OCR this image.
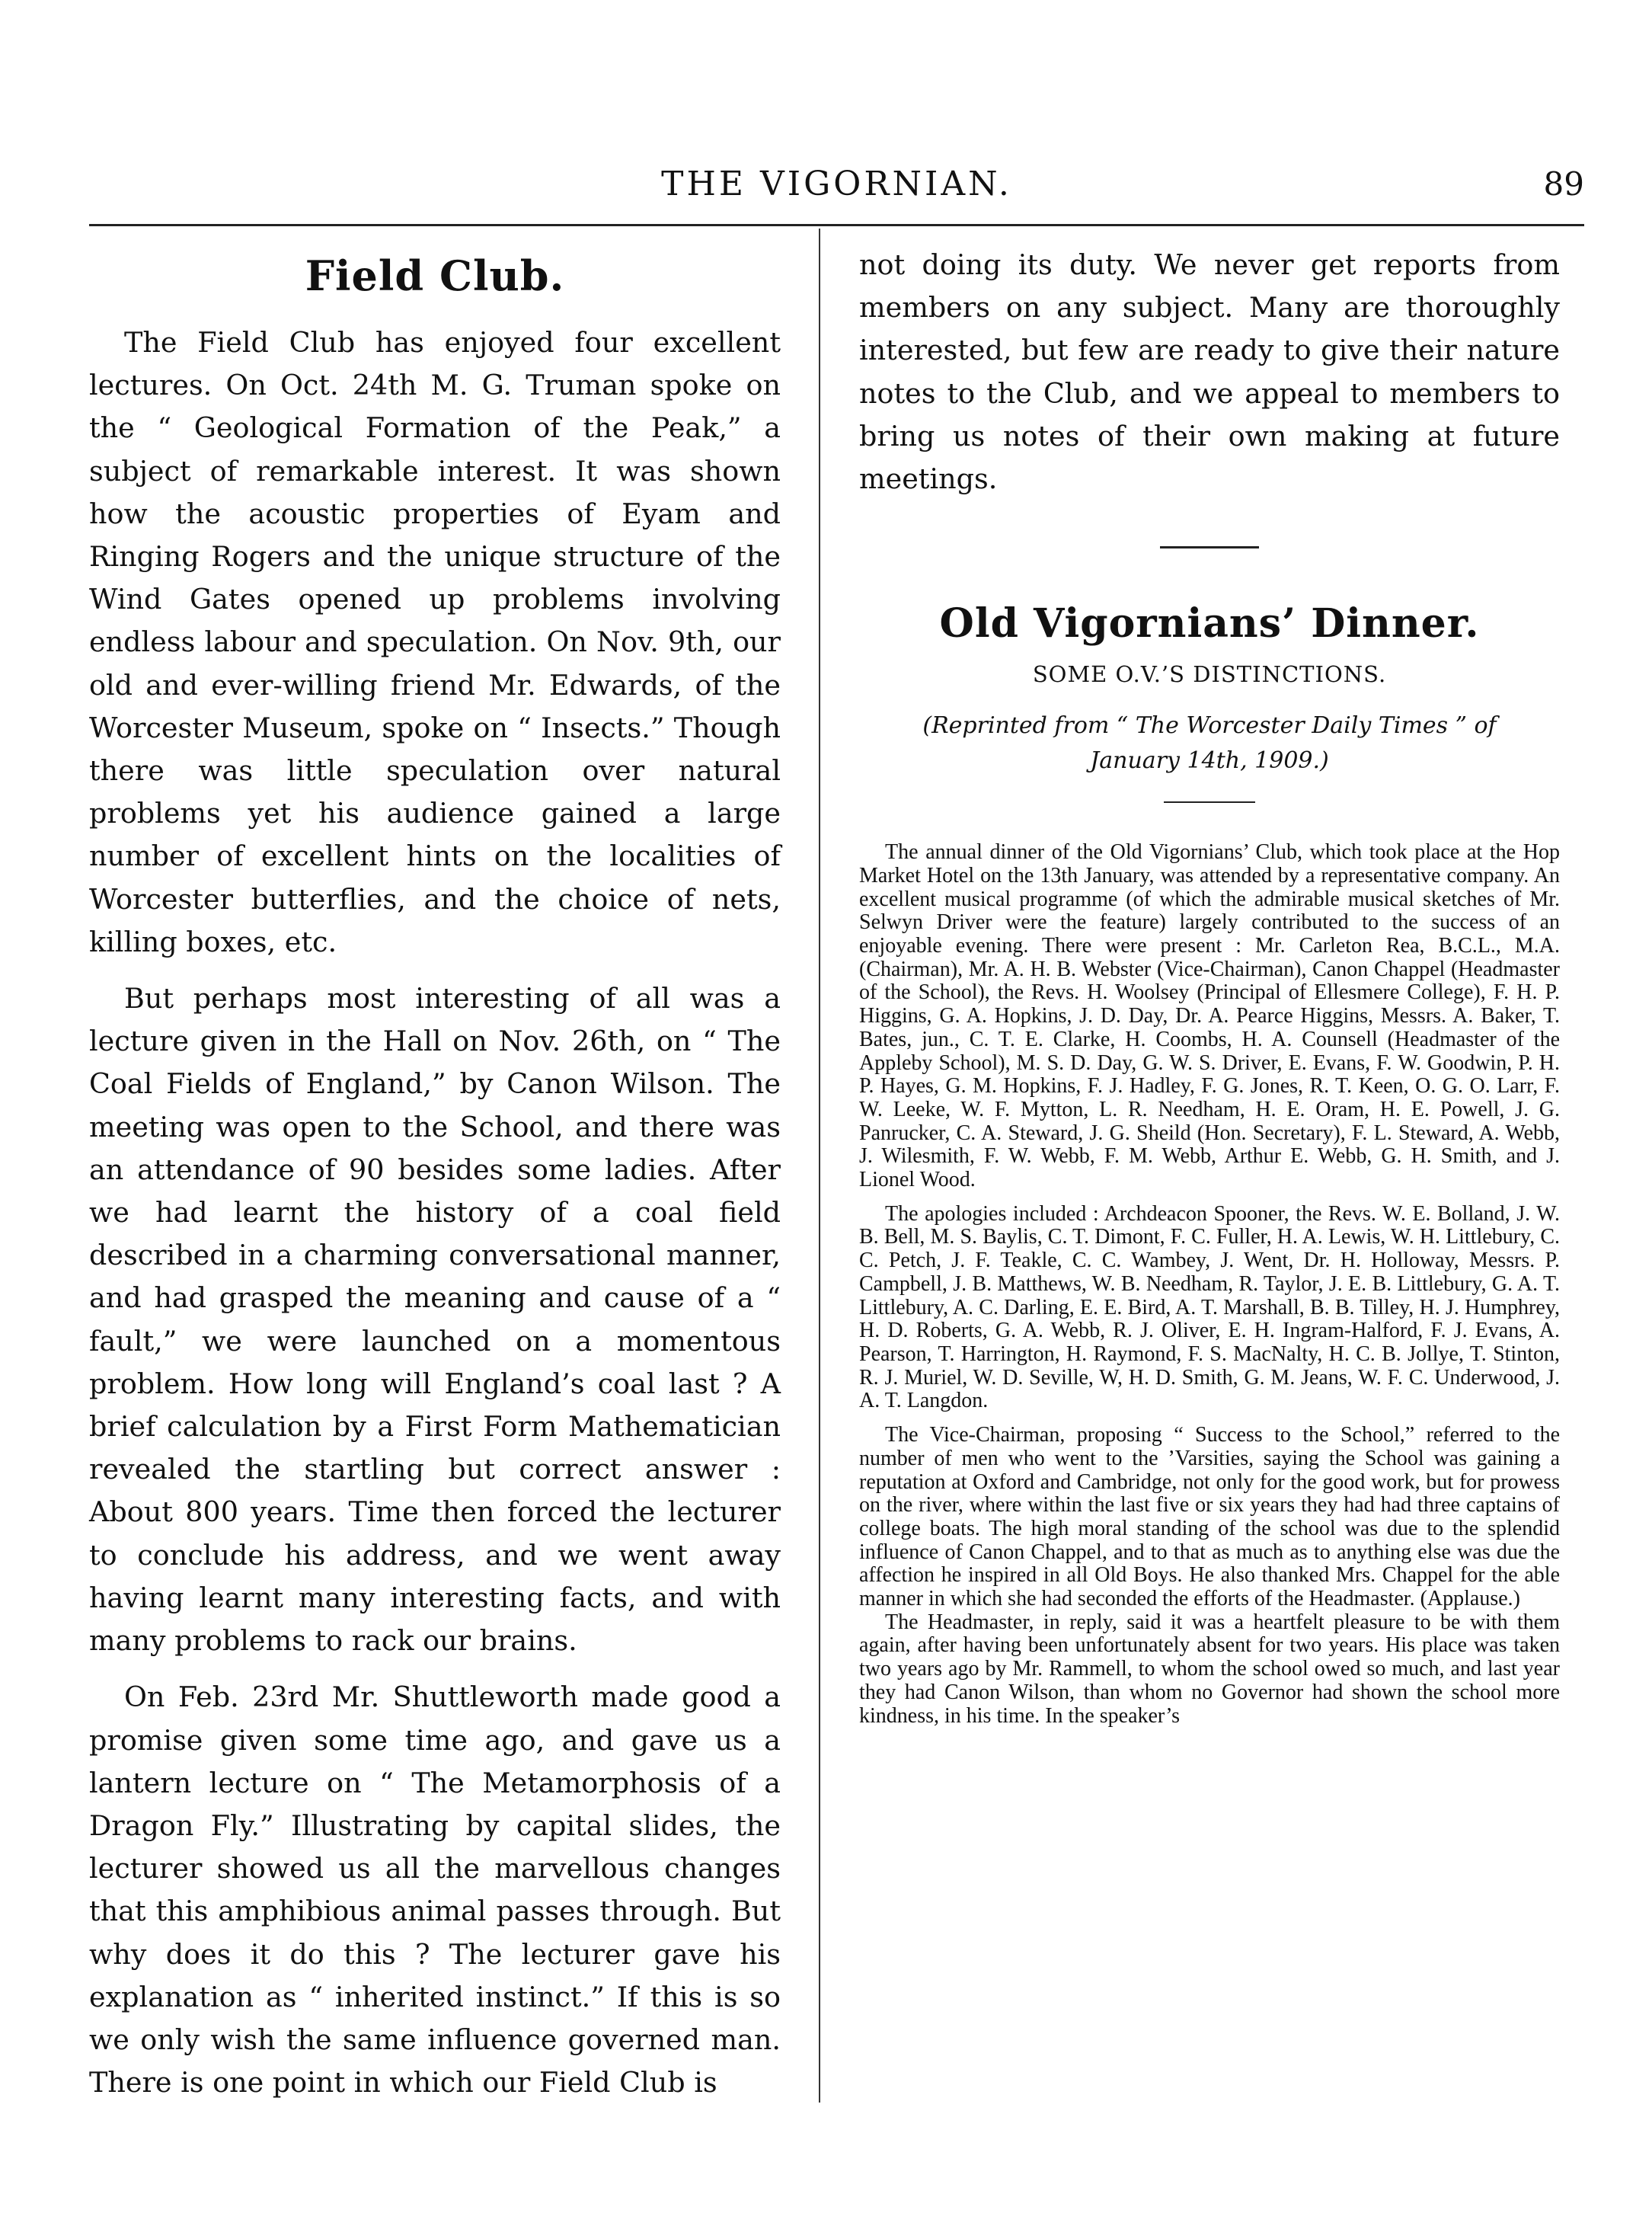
THE VIGORNIAN.	89
Field Club.

The Field Club has enjoyed four excellent lectures. On Oct. 24th M. G. Truman spoke on the “ Geological Formation of the Peak,” a subject of remarkable interest. It was shown how the acoustic properties of Eyam and Ringing Rogers and the unique structure of the Wind Gates opened up problems involving endless labour and speculation. On Nov. 9th, our old and ever-willing friend Mr. Edwards, of the Worcester Museum, spoke on “ Insects.” Though there was little speculation over natural problems yet his audience gained a large number of excellent hints on the localities of Worcester butterflies, and the choice of nets, killing boxes, etc.

But perhaps most interesting of all was a lecture given in the Hall on Nov. 26th, on “ The Coal Fields of England,” by Canon Wilson. The meeting was open to the School, and there was an attendance of 90 besides some ladies. After we had learnt the history of a coal field described in a charming conversational manner, and had grasped the meaning and cause of a “ fault,” we were launched on a momentous problem. How long will England’s coal last ? A brief calculation by a First Form Mathematician revealed the startling but correct answer : About 800 years. Time then forced the lecturer to conclude his address, and we went away having learnt many interesting facts, and with many problems to rack our brains.

On Feb. 23rd Mr. Shuttleworth made good a promise given some time ago, and gave us a lantern lecture on “ The Metamorphosis of a Dragon Fly.” Illustrating by capital slides, the lecturer showed us all the marvellous changes that this amphibious animal passes through. But why does it do this ? The lecturer gave his explanation as “ inherited instinct.” If this is so we only wish the same influence governed man. There is one point in which our Field Club is

not doing its duty. We never get reports from members on any subject. Many are thoroughly interested, but few are ready to give their nature notes to the Club, and we appeal to members to bring us notes of their own making at future meetings.

Old Vigornians’ Dinner.
SOME O.V.’S DISTINCTIONS.
(Reprinted from “ The Worcester Daily Times ” of January 14th, 1909.)

The annual dinner of the Old Vigornians’ Club, which took place at the Hop Market Hotel on the 13th January, was attended by a representative company. An excellent musical programme (of which the admirable musical sketches of Mr. Selwyn Driver were the feature) largely contributed to the success of an enjoyable evening. There were present : Mr. Carleton Rea, B.C.L., M.A. (Chairman), Mr. A. H. B. Webster (Vice-Chairman), Canon Chappel (Headmaster of the School), the Revs. H. Woolsey (Principal of Ellesmere College), F. H. P. Higgins, G. A. Hopkins, J. D. Day, Dr. A. Pearce Higgins, Messrs. A. Baker, T. Bates, jun., C. T. E. Clarke, H. Coombs, H. A. Counsell (Headmaster of the Appleby School), M. S. D. Day, G. W. S. Driver, E. Evans, F. W. Goodwin, P. H. P. Hayes, G. M. Hopkins, F. J. Hadley, F. G. Jones, R. T. Keen, O. G. O. Larr, F. W. Leeke, W. F. Mytton, L. R. Needham, H. E. Oram, H. E. Powell, J. G. Panrucker, C. A. Steward, J. G. Sheild (Hon. Secretary), F. L. Steward, A. Webb, J. Wilesmith, F. W. Webb, F. M. Webb, Arthur E. Webb, G. H. Smith, and J. Lionel Wood.

The apologies included : Archdeacon Spooner, the Revs. W. E. Bolland, J. W. B. Bell, M. S. Baylis, C. T. Dimont, F. C. Fuller, H. A. Lewis, W. H. Littlebury, C. C. Petch, J. F. Teakle, C. C. Wambey, J. Went, Dr. H. Holloway, Messrs. P. Campbell, J. B. Matthews, W. B. Needham, R. Taylor, J. E. B. Littlebury, G. A. T. Littlebury, A. C. Darling, E. E. Bird, A. T. Marshall, B. B. Tilley, H. J. Humphrey, H. D. Roberts, G. A. Webb, R. J. Oliver, E. H. Ingram-Halford, F. J. Evans, A. Pearson, T. Harrington, H. Raymond, F. S. MacNalty, H. C. B. Jollye, T. Stinton, R. J. Muriel, W. D. Seville, W, H. D. Smith, G. M. Jeans, W. F. C. Underwood, J. A. T. Langdon.

The Vice-Chairman, proposing “ Success to the School,” referred to the number of men who went to the ’Varsities, saying the School was gaining a reputation at Oxford and Cambridge, not only for the good work, but for prowess on the river, where within the last five or six years they had had three captains of college boats. The high moral standing of the school was due to the splendid influence of Canon Chappel, and to that as much as to anything else was due the affection he inspired in all Old Boys. He also thanked Mrs. Chappel for the able manner in which she had seconded the efforts of the Headmaster. (Applause.)

The Headmaster, in reply, said it was a heartfelt pleasure to be with them again, after having been unfortunately absent for two years. His place was taken two years ago by Mr. Rammell, to whom the school owed so much, and last year they had Canon Wilson, than whom no Governor had shown the school more kindness, in his time. In the speaker’s
